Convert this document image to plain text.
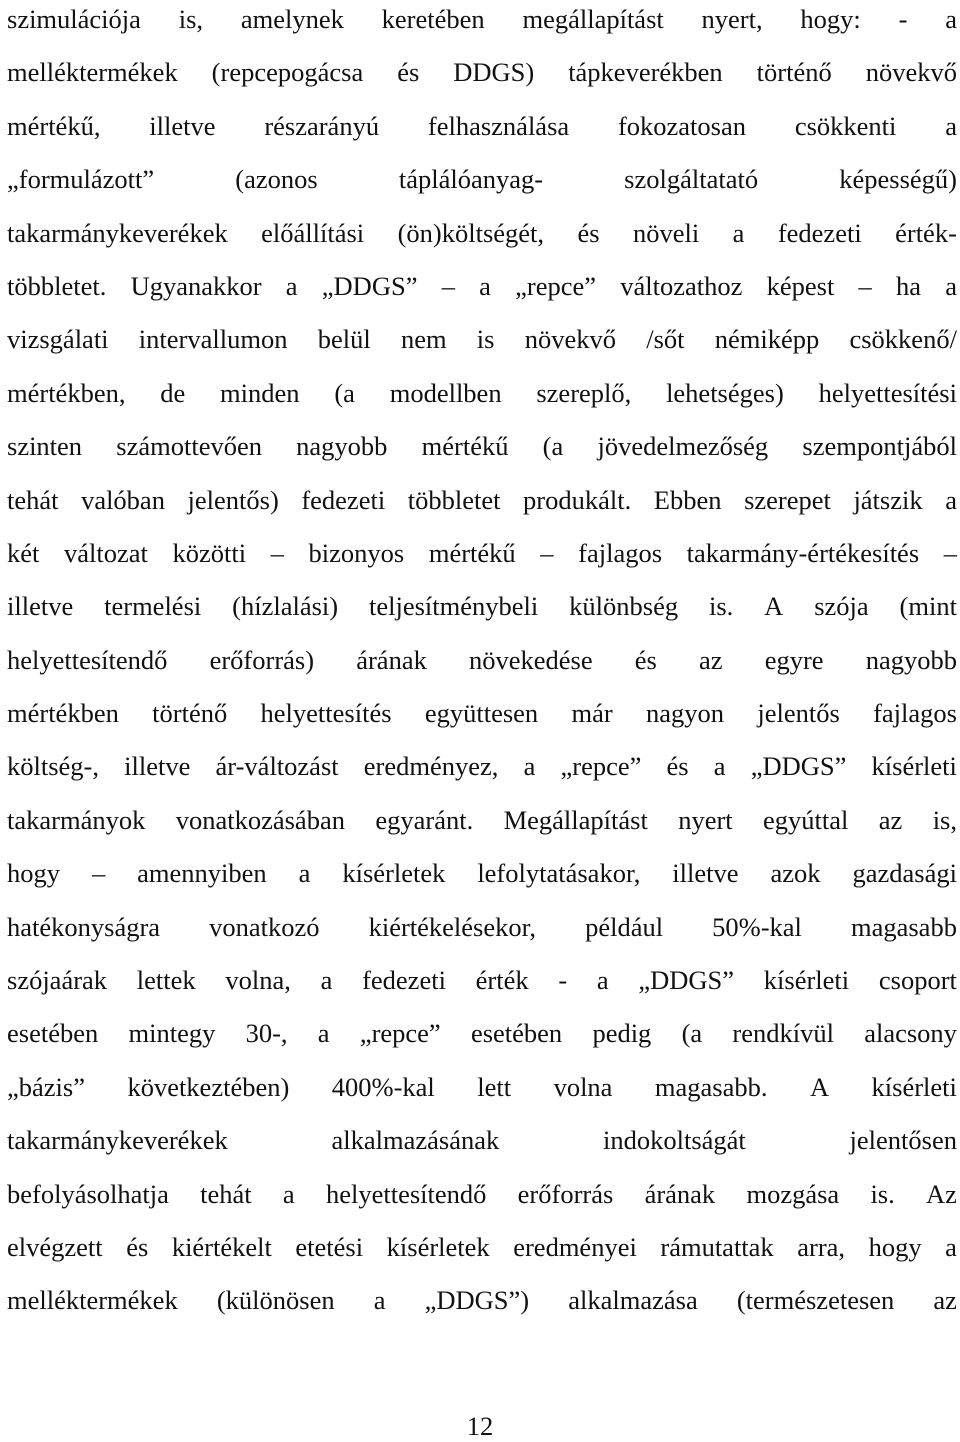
szimulációja is, amelynek keretében megállapítást nyert, hogy: - a
melléktermékek (repcepogácsa és DDGS) tápkeverékben történő növekvő
mértékű, illetve részarányú felhasználása fokozatosan csökkenti a
„formulázott”	(azonos	táplálóanyag-	szolgáltatató	képességű)
takarmánykeverékek előállítási (ön)költségét, és növeli a fedezeti érték-
többletet. Ugyanakkor a „DDGS” – a „repce” változathoz képest – ha a
vizsgálati intervallumon belül nem is növekvő /sőt némiképp csökkenő/
mértékben, de minden (a modellben szereplő, lehetséges) helyettesítési
szinten számottevően nagyobb mértékű (a jövedelmezőség szempontjából
tehát valóban jelentős) fedezeti többletet produkált. Ebben szerepet játszik a
két változat közötti – bizonyos mértékű – fajlagos takarmány-értékesítés –
illetve termelési (hízlalási) teljesítménybeli különbség is. A szója (mint
helyettesítendő erőforrás) árának növekedése és az egyre nagyobb
mértékben történő helyettesítés együttesen már nagyon jelentős fajlagos
költség-, illetve ár-változást eredményez, a „repce” és a „DDGS” kísérleti
takarmányok vonatkozásában egyaránt. Megállapítást nyert egyúttal az is,
hogy – amennyiben a kísérletek lefolytatásakor, illetve azok gazdasági
hatékonyságra vonatkozó kiértékelésekor, például 50%-kal magasabb
szójaárak lettek volna, a fedezeti érték - a „DDGS” kísérleti csoport
esetében mintegy 30-, a „repce” esetében pedig (a rendkívül alacsony
„bázis” következtében) 400%-kal lett volna magasabb. A kísérleti
takarmánykeverékek	alkalmazásának	indokoltságát	jelentősen
befolyásolhatja tehát a helyettesítendő erőforrás árának mozgása is. Az
elvégzett és kiértékelt etetési kísérletek eredményei rámutattak arra, hogy a
melléktermékek (különösen a „DDGS”) alkalmazása (természetesen az
12
